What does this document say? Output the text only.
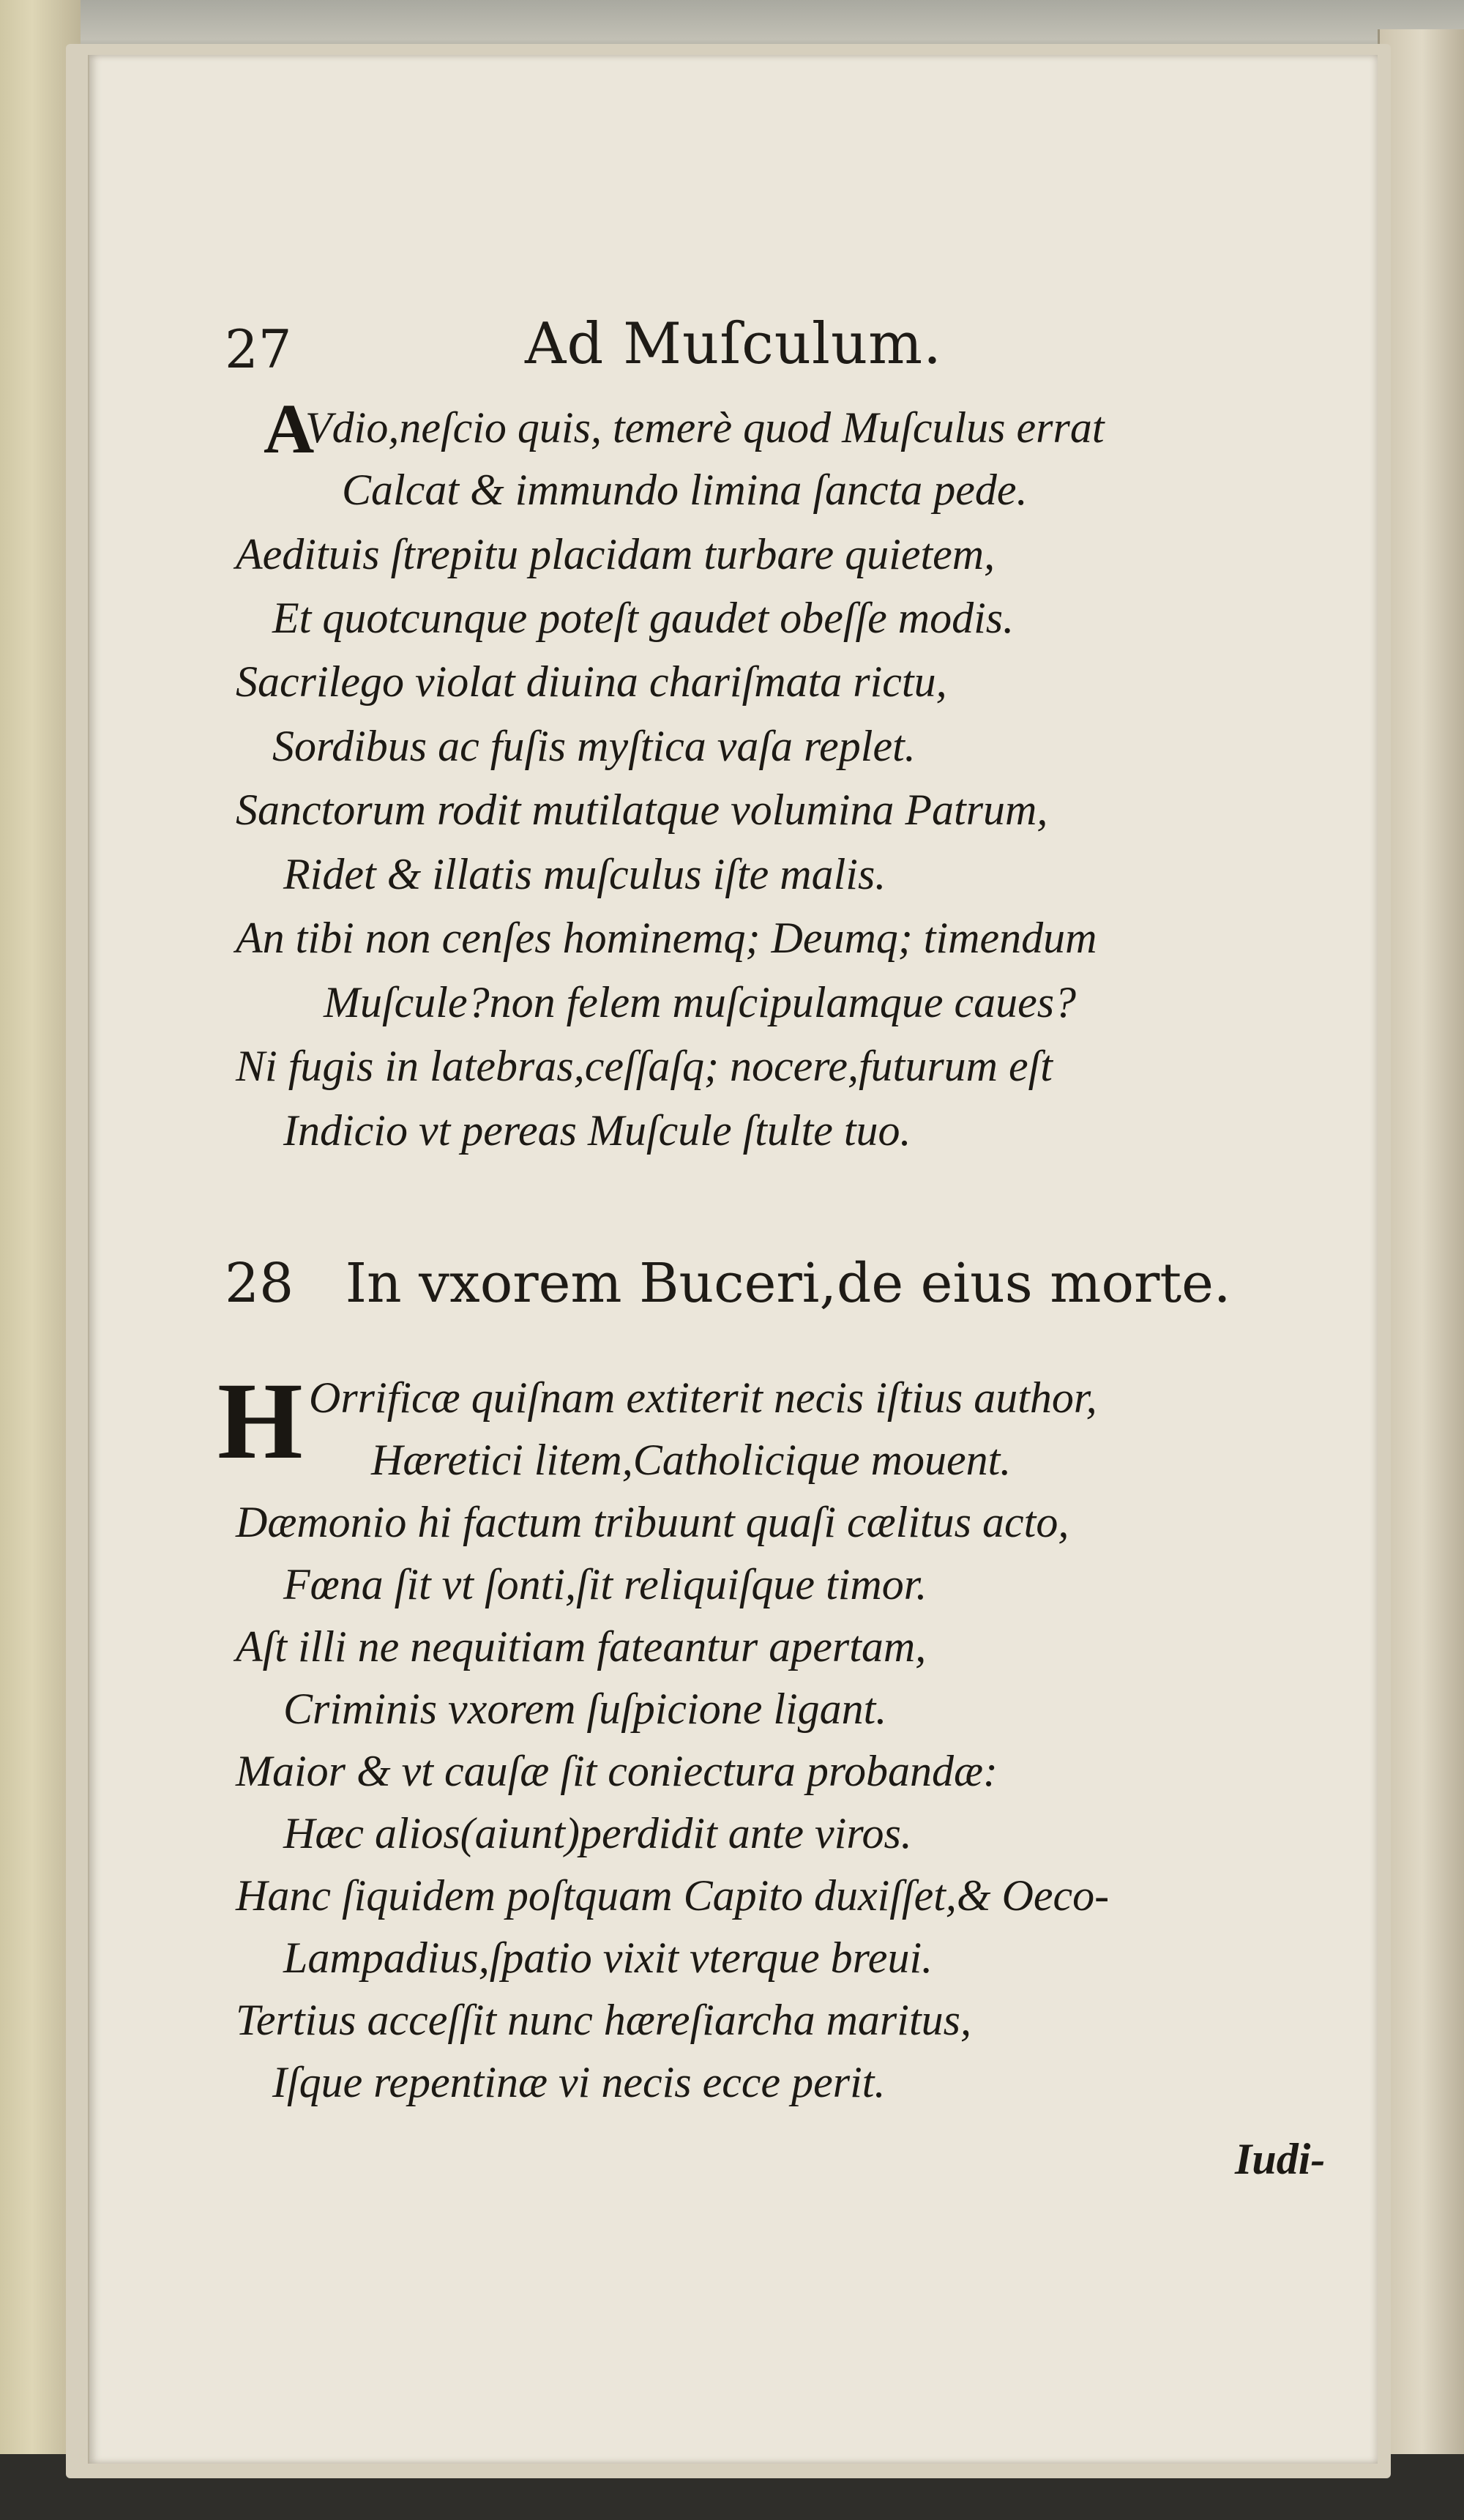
27	Ad Muſculum.
A
Vdio,neſcio quis, temerè quod Muſculus errat
Calcat & immundo limina ſancta pede.
Aedituis ſtrepitu placidam turbare quietem,
Et quotcunque poteſt gaudet obeſſe modis.
Sacrilego violat diuina chariſmata rictu,
Sordibus ac fuſis myſtica vaſa replet.
Sanctorum rodit mutilatque volumina Patrum,
Ridet & illatis muſculus iſte malis.
An tibi non cenſes hominemq; Deumq; timendum
Muſcule?non felem muſcipulamque caues?
Ni fugis in latebras,ceſſaſq; nocere,futurum eſt
Indicio vt pereas Muſcule ſtulte tuo.
28 In vxorem Buceri,de eius morte.
H Orrificæ quiſnam extiterit necis iſtius author,
Hæretici litem,Catholicique mouent.
Dæmonio hi factum tribuunt quaſi cælitus acto,
Fœna ſit vt ſonti,ſit reliquiſque timor.
Aſt illi ne nequitiam fateantur apertam,
Criminis vxorem ſuſpicione ligant.
Maior & vt cauſæ ſit coniectura probandæ:
Hæc alios(aiunt)perdidit ante viros.
Hanc ſiquidem poſtquam Capito duxiſſet,& Oeco-
Lampadius,ſpatio vixit vterque breui.
Tertius acceſſit nunc hæreſiarcha maritus,
Iſque repentinæ vi necis ecce perit.
Iudi-
